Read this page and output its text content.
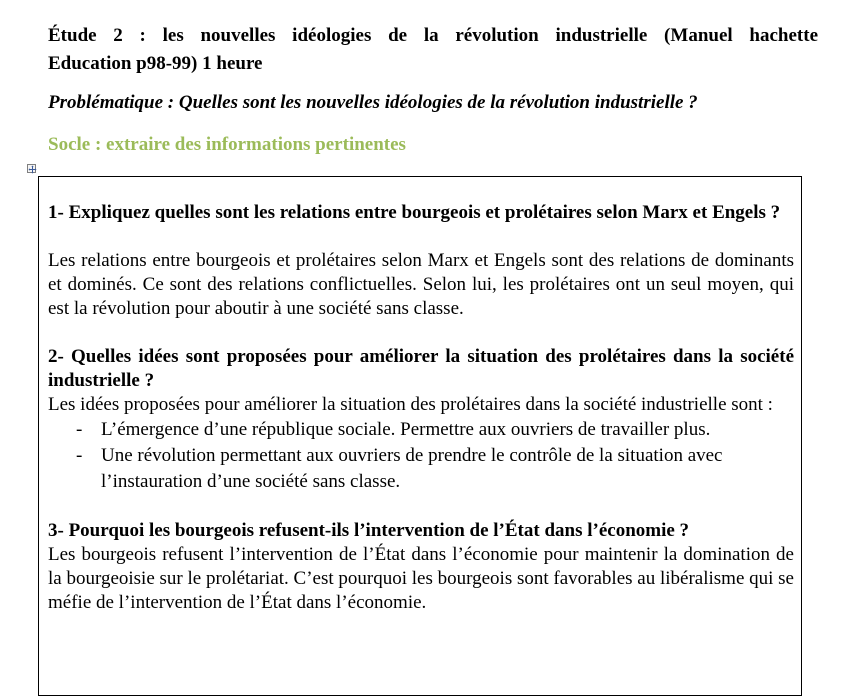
Étude 2 : les nouvelles idéologies de la révolution industrielle (Manuel hachette
Education p98-99) 1 heure
Problématique : Quelles sont les nouvelles idéologies de la révolution industrielle ?
Socle : extraire des informations pertinentes

1- Expliquez quelles sont les relations entre bourgeois et prolétaires selon Marx et Engels ?

Les relations entre bourgeois et prolétaires selon Marx et Engels sont des relations de dominants et dominés. Ce sont des relations conflictuelles. Selon lui, les prolétaires ont un seul moyen, qui est la révolution pour aboutir à une société sans classe.

2- Quelles idées sont proposées pour améliorer la situation des prolétaires dans la société industrielle ?

Les idées proposées pour améliorer la situation des prolétaires dans la société industrielle sont :

- L’émergence d’une république sociale. Permettre aux ouvriers de travailler plus.
- Une révolution permettant aux ouvriers de prendre le contrôle de la situation avec l’instauration d’une société sans classe.

3- Pourquoi les bourgeois refusent-ils l’intervention de l’État dans l’économie ?

Les bourgeois refusent l’intervention de l’État dans l’économie pour maintenir la domination de la bourgeoisie sur le prolétariat. C’est pourquoi les bourgeois sont favorables au libéralisme qui se méfie de l’intervention de l’État dans l’économie.
